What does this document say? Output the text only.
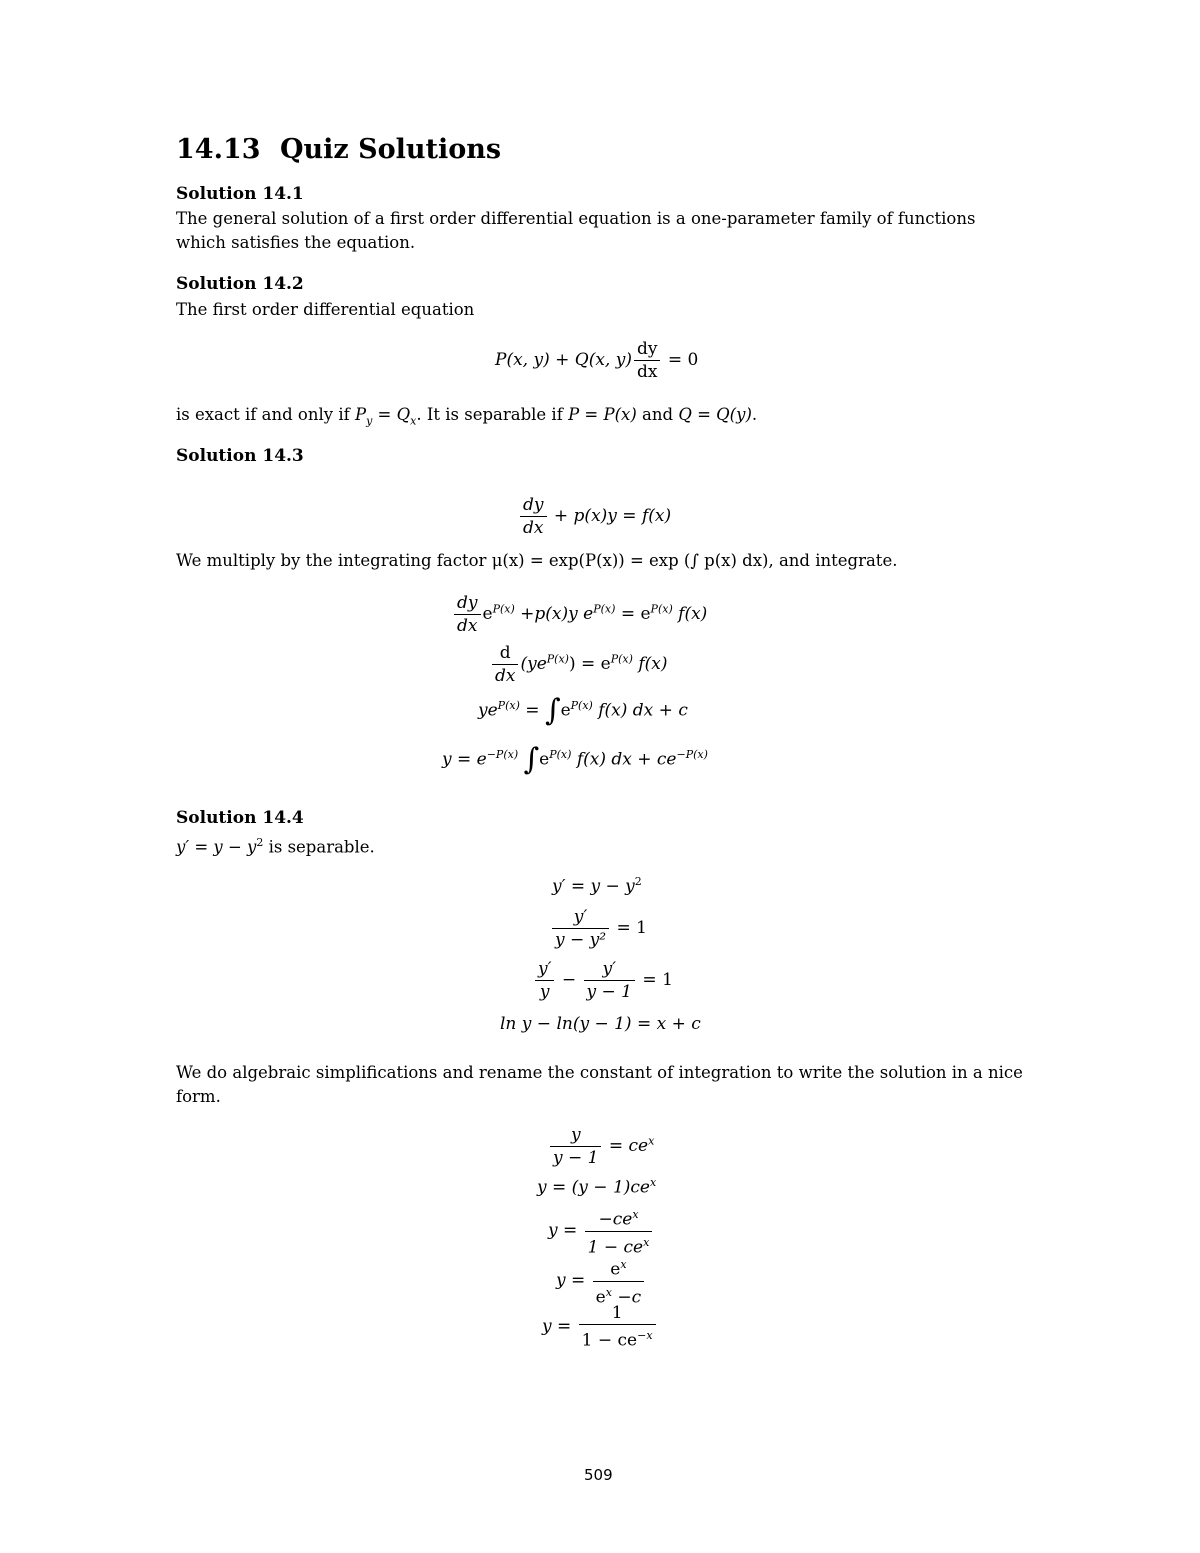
14.13 Quiz Solutions
Solution 14.1
The general solution of a first order differential equation is a one-parameter family of functions which satisfies the equation.
Solution 14.2
The first order differential equation
P(x, y) + Q(x, $y) \frac{dy}{dx} = 0$
is exact if and only if $P_y = Q_x$. It is separable if P = P(x) and Q = Q(y).
Solution 14.3
$\frac{dy}{dx} + p(x)y = f(x)$
We multiply by the integrating factor μ(x) = exp(P(x)) = exp (∫ p(x) dx), and integrate.
$\frac{dy}{dx} e^{P(x)} +p(x)y$ $e^{P(x)} = e^{P(x)}$ f(x)
$\frac{d}{dx} (ye^{P(x)}) = e^{P(x)}$ f(x)
$ye^{P(x)} = \int e^{P(x)}$ f(x) dx + c
$y = e^{-P(x)}$ $\int e^{P(x)}$ f(x) dx + $ce^{-P(x)}$
Solution 14.4
$y' = y - y^2$ is separable.
$y' = y - y^2$
$\frac{y'}{\text{y − y²}} = 1$
$\frac{y'}{y} - \frac{y'}{y - 1} = 1$
ln y − ln(y − 1) = x + c
We do algebraic simplifications and rename the constant of integration to write the solution in a nice form.
$\frac{y}{y - 1} = ce^x$
$y = (y - 1)ce^x$
$y = \frac{-ce^x}{1 - ce^x}$
$y = \frac{e^x}{e^x -c}$
$y = \frac{1}{1 - ce^{-x}}$
509
